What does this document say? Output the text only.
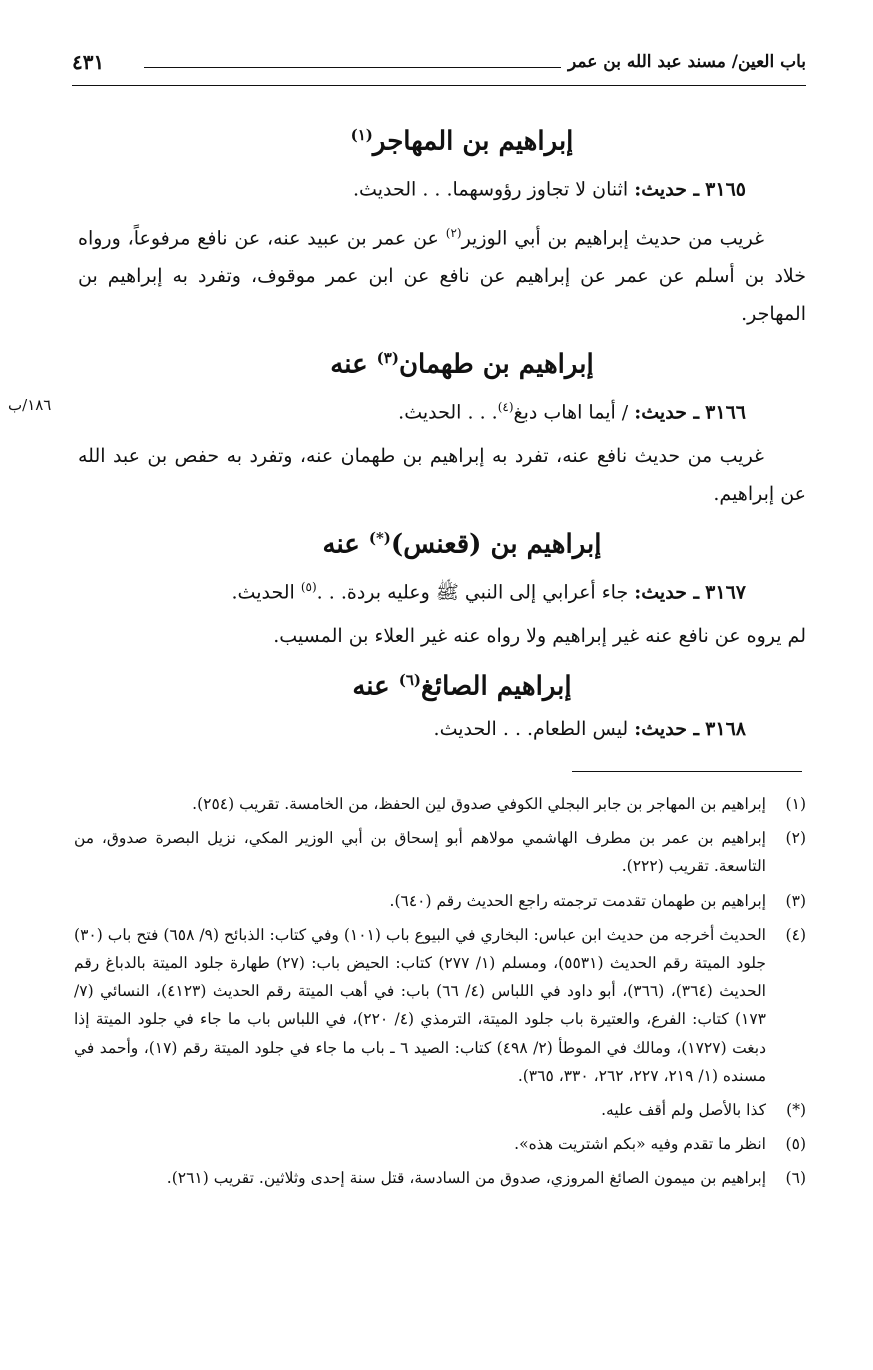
باب العين/ مسند عبد الله بن عمر
٤٣١
١٨٦/ب
إبراهيم بن المهاجر$^{(١)}$
٣١٦٥ ـ حديث: اثنان لا تجاوز رؤوسهما. . . الحديث.

غريب من حديث إبراهيم بن أبي الوزير$^{(٢)}$ عن عمر بن عبيد عنه، عن نافع مرفوعاً، ورواه خلاد بن أسلم عن عمر عن إبراهيم عن نافع عن ابن عمر موقوف، وتفرد به إبراهيم بن المهاجر.

إبراهيم بن طهمان$^{(٣)}$ عنه
٣١٦٦ ـ حديث: / أيما اهاب دبغ$^{(٤)}$. . . الحديث.

غريب من حديث نافع عنه، تفرد به إبراهيم بن طهمان عنه، وتفرد به حفص بن عبد الله عن إبراهيم.

إبراهيم بن (قعنس)(*) عنه
٣١٦٧ ـ حديث: جاء أعرابي إلى النبي ﷺ وعليه بردة. . .$^{(٥)}$ الحديث.

لم يروه عن نافع عنه غير إبراهيم ولا رواه عنه غير العلاء بن المسيب.

إبراهيم الصائغ$^{(٦)}$ عنه
٣١٦٨ ـ حديث: ليس الطعام. . . الحديث.
(١)
إبراهيم بن المهاجر بن جابر البجلي الكوفي صدوق لين الحفظ، من الخامسة. تقريب (٢٥٤).
(٢)
إبراهيم بن عمر بن مطرف الهاشمي مولاهم أبو إسحاق بن أبي الوزير المكي، نزيل البصرة صدوق، من التاسعة. تقريب (٢٢٢).
(٣)
إبراهيم بن طهمان تقدمت ترجمته راجع الحديث رقم (٦٤٠).
(٤)
الحديث أخرجه من حديث ابن عباس: البخاري في البيوع باب (١٠١) وفي كتاب: الذبائح (٩/ ٦٥٨) فتح باب (٣٠) جلود الميتة رقم الحديث (٥٥٣١)، ومسلم (١/ ٢٧٧) كتاب: الحيض باب: (٢٧) طهارة جلود الميتة بالدباغ رقم الحديث (٣٦٤)، (٣٦٦)، أبو داود في اللباس (٤/ ٦٦) باب: في أهب الميتة رقم الحديث (٤١٢٣)، النسائي (٧/ ١٧٣) كتاب: الفرع، والعتيرة باب جلود الميتة، الترمذي (٤/ ٢٢٠)، في اللباس باب ما جاء في جلود الميتة إذا دبغت (١٧٢٧)، ومالك في الموطأ (٢/ ٤٩٨) كتاب: الصيد ٦ ـ باب ما جاء في جلود الميتة رقم (١٧)، وأحمد في مسنده (١/ ٢١٩، ٢٢٧، ٢٦٢، ٣٣٠، ٣٦٥).
(*)
كذا بالأصل ولم أقف عليه.
(٥)
انظر ما تقدم وفيه «بكم اشتريت هذه».
(٦)
إبراهيم بن ميمون الصائغ المروزي، صدوق من السادسة، قتل سنة إحدى وثلاثين. تقريب (٢٦١).
